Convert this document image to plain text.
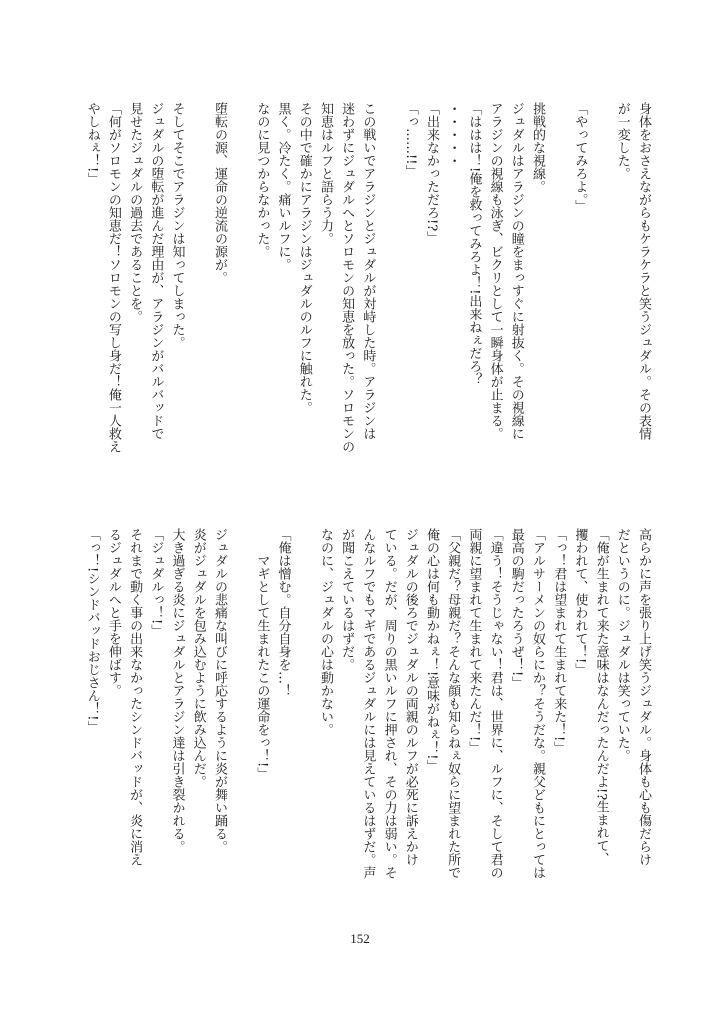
身体をおさえながらもケラケラと笑うジュダル。その表情
が一変した。

「やってみろよ。」

挑戦的な視線。
ジュダルはアラジンの瞳をまっすぐに射抜く。その視線に
アラジンの視線も泳ぎ、ビクリとして一瞬身体が止まる。
「ははは！!俺を救ってみろよ！!出来ねぇだろ？
・・・・・
「出来なかっただろ!?」
「っ……!!」

この戦いでアラジンとジュダルが対峙した時。アラジンは
迷わずにジュダルへとソロモンの知恵を放った。ソロモンの
知恵はルフと語らう力。
その中で確かにアラジンはジュダルのルフに触れた。
黒く。冷たく。痛いルフに。
なのに見つからなかった。

堕転の源、運命の逆流の源が。

そしてそこでアラジンは知ってしまった。
ジュダルの堕転が進んだ理由が、アラジンがバルバッドで
見せたジュダルの過去であることを。
「何がソロモンの知恵だ！ソロモンの写し身だ！俺一人救え
やしねぇ！!」
高らかに声を張り上げ笑うジュダル。身体も心も傷だらけ
だというのに。ジュダルは笑っていた。
「俺が生まれて来た意味はなんだったんだよ!?生まれて、
攫われて、使われて！!」
「っ！君は望まれて生まれて来た！!」
「アルサーメンの奴らにか？そうだな。親父どもにとっては
最高の駒だったろうぜ！!」
「違う！そうじゃない！君は、世界に、ルフに、そして君の
両親に望まれて生まれて来たんだ！!」
「父親だ？母親だ？そんな顔も知らねぇ奴らに望まれた所で
俺の心は何も動かねぇ！!意味がねぇ！!」
ジュダルの後ろでジュダルの両親のルフが必死に訴えかけ
ている。だが、周りの黒いルフに押され、その力は弱い。そ
んなルフでもマギであるジュダルには見えているはずだ。声
が聞こえているはずだ。
なのに、ジュダルの心は動かない。

「俺は憎む。自分自身を…！
　　マギとして生まれたこの運命をっ！!」

ジュダルの悲痛な叫びに呼応するように炎が舞い踊る。
炎がジュダルを包み込むように飲み込んだ。
大き過ぎる炎にジュダルとアラジン達は引き裂かれる。
「ジュダルっ！!」
それまで動く事の出来なかったシンドバッドが、炎に消え
るジュダルへと手を伸ばす。
「っ！!シンドバッドおじさん！!」
152
